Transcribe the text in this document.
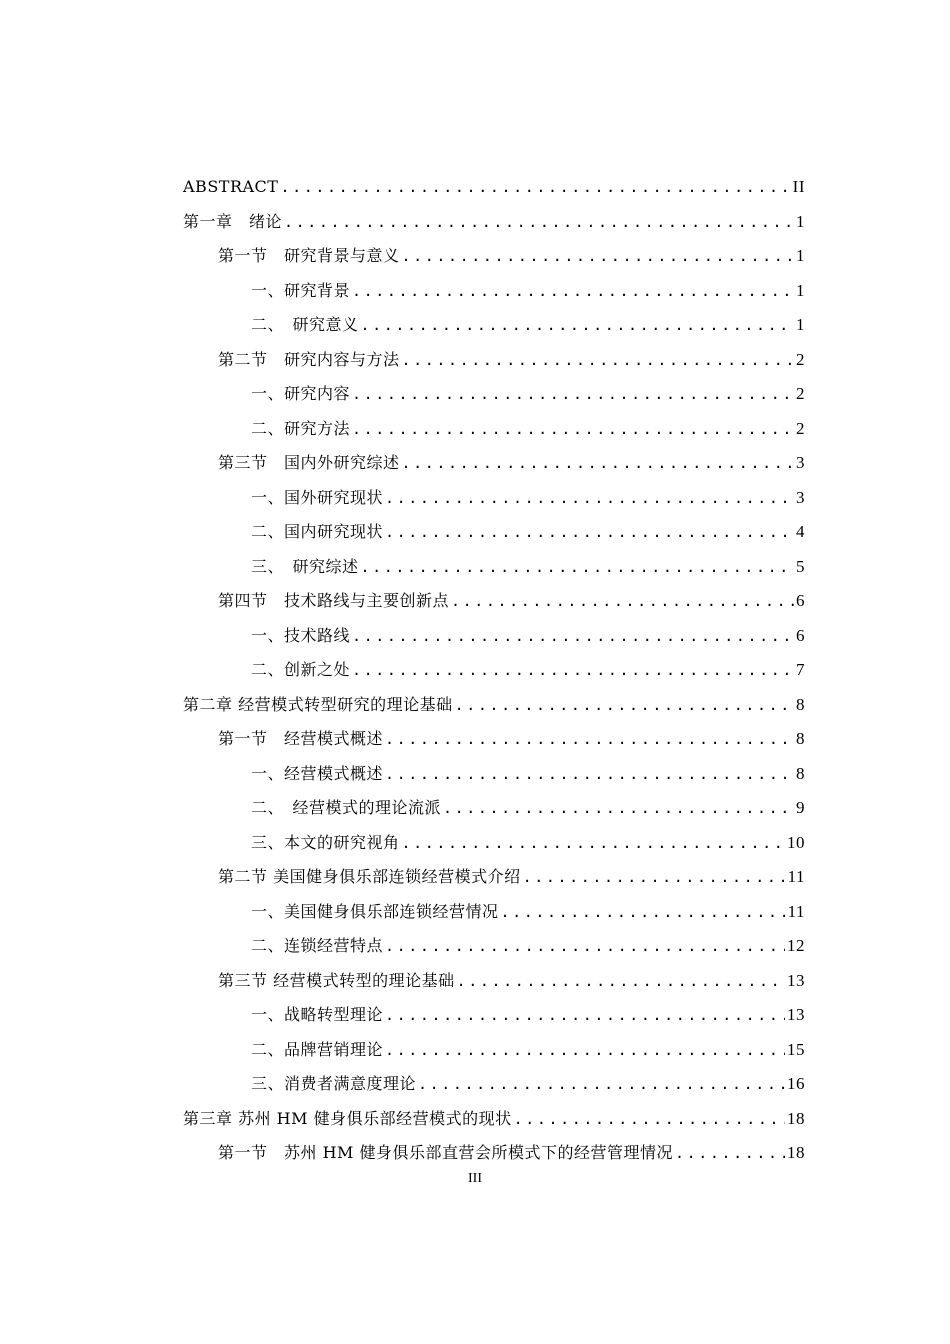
ABSTRACT .....	II
第一章　绪论 .....	1
第一节　研究背景与意义 .....	1
一、研究背景 .....	1
二、　研究意义 .....	1
第二节　研究内容与方法 .....	2
一、研究内容 .....	2
二、研究方法 .....	2
第三节　国内外研究综述 .....	3
一、国外研究现状 .....	3
二、国内研究现状 .....	4
三、　研究综述 .....	5
第四节　技术路线与主要创新点 .....	6
一、技术路线 .....	6
二、创新之处 .....	7
第二章 经营模式转型研究的理论基础 .....	8
第一节　经营模式概述 .....	8
一、经营模式概述 .....	8
二、　经营模式的理论流派 .....	9
三、本文的研究视角 .....	10
第二节 美国健身俱乐部连锁经营模式介绍 .....	11
一、美国健身俱乐部连锁经营情况 .....	11
二、连锁经营特点 .....	12
第三节 经营模式转型的理论基础 .....	13
一、战略转型理论 .....	13
二、品牌营销理论 .....	15
三、消费者满意度理论 .....	16
第三章 苏州 HM 健身俱乐部经营模式的现状 .....	18
第一节　苏州 HM 健身俱乐部直营会所模式下的经营管理情况 .....	18
III
